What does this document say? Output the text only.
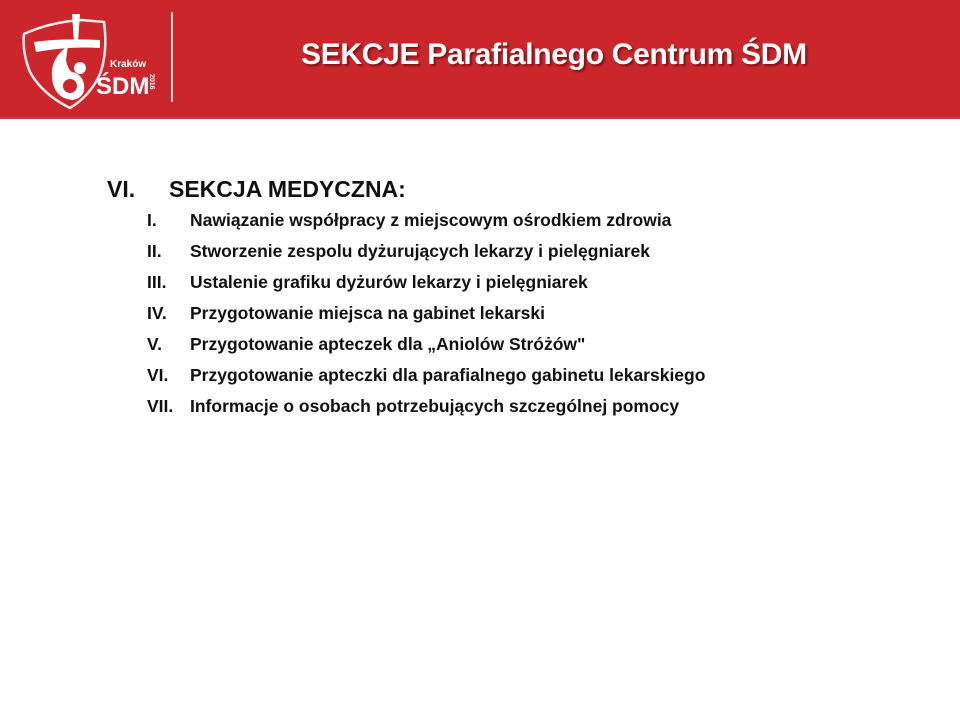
Kraków
ŚDM
2016
SEKCJE Parafialnego Centrum ŚDM
VI.	SEKCJA MEDYCZNA:
I.	Nawiązanie współpracy z miejscowym ośrodkiem zdrowia
II.	Stworzenie zespolu dyżurujących lekarzy i pielęgniarek
III.	Ustalenie grafiku dyżurów lekarzy i pielęgniarek
IV.	Przygotowanie miejsca na gabinet lekarski
V.	Przygotowanie apteczek dla „Aniolów Stróżów"
VI.	Przygotowanie apteczki dla parafialnego gabinetu lekarskiego
VII. Informacje o osobach potrzebujących szczególnej pomocy
